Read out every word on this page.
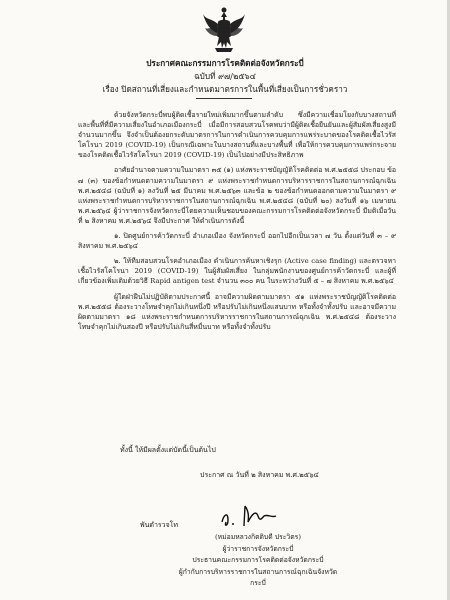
ประกาศคณะกรรมการโรคติดต่อจังหวัดกระบี่
ฉบับที่ ๙๗/๒๕๖๔
เรื่อง ปิดสถานที่เสี่ยงและกำหนดมาตรการในพื้นที่เสี่ยงเป็นการชั่วคราว

ด้วยจังหวัดกระบี่พบผู้ติดเชื้อรายใหม่เพิ่มมากขึ้นตามลำดับ ซึ่งมีความเชื่อมโยงกับบางสถานที่ และพื้นที่ที่มีความเสี่ยงในอำเภอเมืองกระบี่ เมื่อมีการสอบสวนโรคพบว่ามีผู้ติดเชื้อยืนยันและผู้สัมผัสเสี่ยงสูงมีจำนวนมากขึ้น จึงจำเป็นต้องยกระดับมาตรการในการดำเนินการควบคุมการแพร่ระบาดของโรคติดเชื้อไวรัสโคโรนา 2019 (COVID-19) เป็นกรณีเฉพาะในบางสถานที่และบางพื้นที่ เพื่อให้การควบคุมการแพร่กระจายของโรคติดเชื้อไวรัสโคโรนา 2019 (COVID-19) เป็นไปอย่างมีประสิทธิภาพ

อาศัยอำนาจตามความในมาตรา ๓๕ (๑) แห่งพระราชบัญญัติโรคติดต่อ พ.ศ.๒๕๕๘ ประกอบ ข้อ ๗ (๓) ของข้อกำหนดตามความในมาตรา ๙ แห่งพระราชกำหนดการบริหารราชการในสถานการณ์ฉุกเฉิน พ.ศ.๒๕๔๘ (ฉบับที่ ๑) ลงวันที่ ๒๕ มีนาคม พ.ศ.๒๕๖๓ และข้อ ๒ ของข้อกำหนดออกตามความในมาตรา ๙ แห่งพระราชกำหนดการบริหารราชการในสถานการณ์ฉุกเฉิน พ.ศ.๒๕๔๘ (ฉบับที่ ๒๐) ลงวันที่ ๑๖ เมษายน พ.ศ.๒๕๖๔ ผู้ว่าราชการจังหวัดกระบี่โดยความเห็นชอบของคณะกรรมการโรคติดต่อจังหวัดกระบี่ มีมติเมื่อวันที่ ๒ สิงหาคม พ.ศ.๒๕๖๔ จึงมีประกาศ ให้ดำเนินการดังนี้

๑. ปิดศูนย์การค้าวัดกระบี่ อำเภอเมือง จังหวัดกระบี่ ออกไปอีกเป็นเวลา ๗ วัน ตั้งแต่วันที่ ๓ – ๙ สิงหาคม พ.ศ.๒๕๖๔

๒. ให้ทีมสอบสวนโรคอำเภอเมือง ดำเนินการค้นหาเชิงรุก (Active case finding) และตรวจหาเชื้อไวรัสโคโรนา 2019 (COVID-19) ในผู้สัมผัสเสี่ยง ในกลุ่มพนักงานของศูนย์การค้าวัดกระบี่ และผู้ที่เกี่ยวข้องเพิ่มเติมด้วยวิธี Rapid antigen test จำนวน ๓๐๐ คน ในระหว่างวันที่ ๕ – ๗ สิงหาคม พ.ศ.๒๕๖๔

ผู้ใดฝ่าฝืนไม่ปฏิบัติตามประกาศนี้ อาจมีความผิดตามมาตรา ๕๑ แห่งพระราชบัญญัติโรคติดต่อ พ.ศ.๒๕๕๘ ต้องระวางโทษจำคุกไม่เกินหนึ่งปี หรือปรับไม่เกินหนึ่งแสนบาท หรือทั้งจำทั้งปรับ และอาจมีความผิดตามมาตรา ๑๘ แห่งพระราชกำหนดการบริหารราชการในสถานการณ์ฉุกเฉิน พ.ศ.๒๕๔๘ ต้องระวางโทษจำคุกไม่เกินสองปี หรือปรับไม่เกินสี่หมื่นบาท หรือทั้งจำทั้งปรับ

ทั้งนี้ ให้มีผลตั้งแต่บัดนี้เป็นต้นไป
ประกาศ ณ วันที่ ๒ สิงหาคม พ.ศ.๒๕๖๔
พันตำรวจโท
(หม่อมหลวงกิตติบดี ประวิตร)
ผู้ว่าราชการจังหวัดกระบี่
ประธานคณะกรรมการโรคติดต่อจังหวัดกระบี่
ผู้กำกับการบริหารราชการในสถานการณ์ฉุกเฉินจังหวัดกระบี่
